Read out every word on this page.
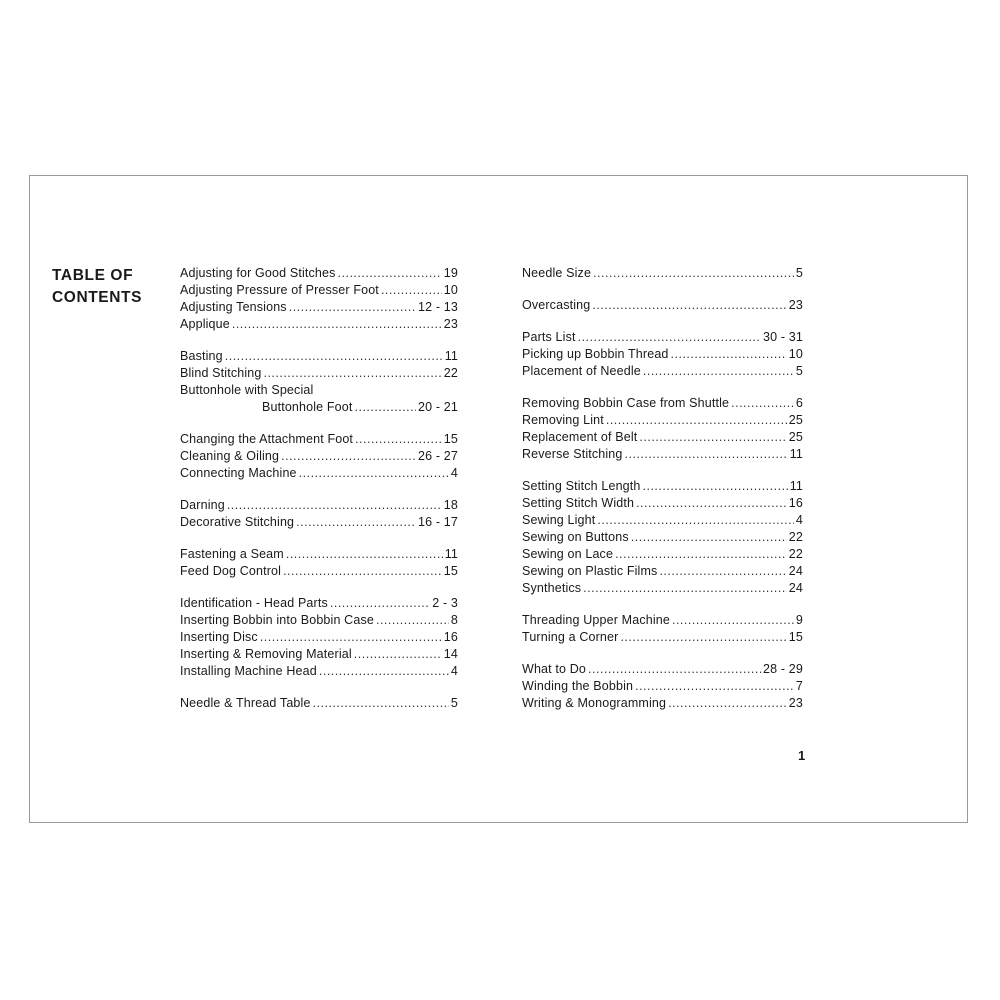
TABLE OF
CONTENTS
Adjusting for Good Stitches .....	19
Adjusting Pressure of Presser Foot .....	10
Adjusting Tensions .....	12 - 13
Applique .....	23
Basting .....	11
Blind Stitching .....	22
Buttonhole with Special
Buttonhole Foot .....	20 - 21
Changing the Attachment Foot .....	15
Cleaning & Oiling .....	26 - 27
Connecting Machine .....	4
Darning .....	18
Decorative Stitching .....	16 - 17
Fastening a Seam .....	11
Feed Dog Control .....	15
Identification - Head Parts .....	2 - 3
Inserting Bobbin into Bobbin Case .....	8
Inserting Disc .....	16
Inserting & Removing Material .....	14
Installing Machine Head .....	4
Needle & Thread Table .....	5
Needle Size .....	5
Overcasting .....	23
Parts List .....	30 - 31
Picking up Bobbin Thread .....	10
Placement of Needle .....	5
Removing Bobbin Case from Shuttle .....	6
Removing Lint .....	25
Replacement of Belt .....	25
Reverse Stitching .....	11
Setting Stitch Length .....	11
Setting Stitch Width .....	16
Sewing Light .....	4
Sewing on Buttons .....	22
Sewing on Lace .....	22
Sewing on Plastic Films .....	24
Synthetics .....	24
Threading Upper Machine .....	9
Turning a Corner .....	15
What to Do .....	28 - 29
Winding the Bobbin .....	7
Writing & Monogramming .....	23
1
